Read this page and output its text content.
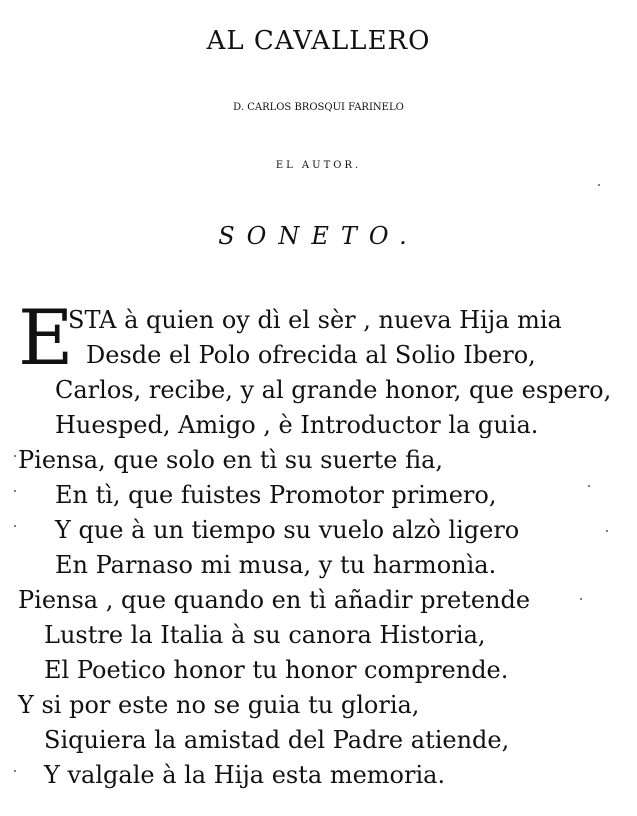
AL CAVALLERO
D. CARLOS BROSQUI FARINELO
EL AUTOR.
SONETO.
E
STA à quien oy dì el sèr , nueva Hija mia
Desde el Polo ofrecida al Solio Ibero,
Carlos, recibe, y al grande honor, que espero,
Huesped, Amigo , è Introductor la guia.
Piensa, que solo en tì su suerte fia,
En tì, que fuistes Promotor primero,
Y que à un tiempo su vuelo alzò ligero
En Parnaso mi musa, y tu harmonìa.
Piensa , que quando en tì añadir pretende
Lustre la Italia à su canora Historia,
El Poetico honor tu honor comprende.
Y si por este no se guia tu gloria,
Siquiera la amistad del Padre atiende,
Y valgale à la Hija esta memoria.
